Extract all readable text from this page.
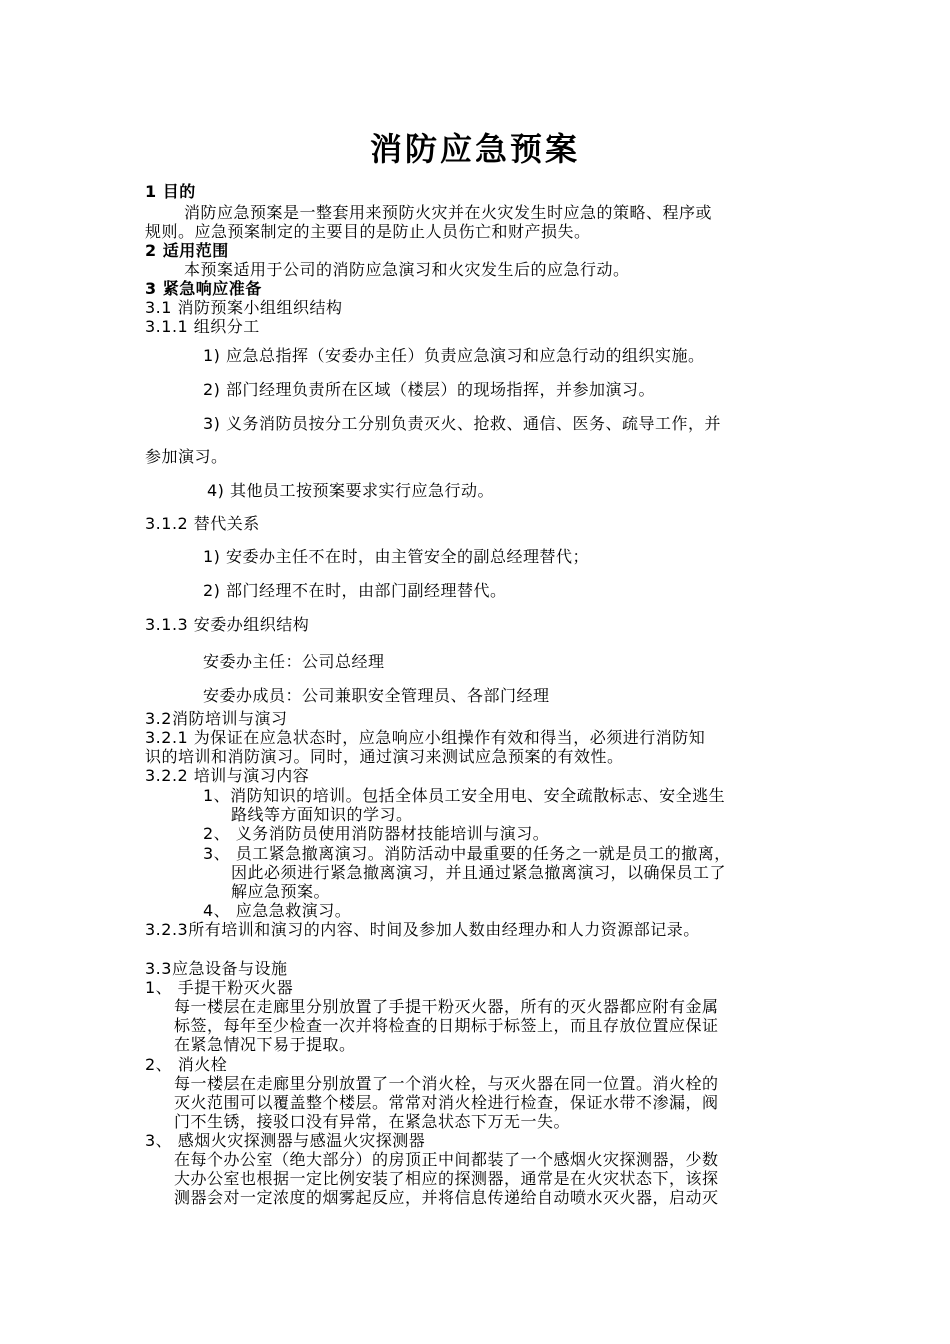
消防应急预案
1 目的
消防应急预案是一整套用来预防火灾并在火灾发生时应急的策略、程序或
规则。应急预案制定的主要目的是防止人员伤亡和财产损失。
2 适用范围
本预案适用于公司的消防应急演习和火灾发生后的应急行动。
3 紧急响应准备
3.1 消防预案小组组织结构
3.1.1 组织分工
1) 应急总指挥（安委办主任）负责应急演习和应急行动的组织实施。
2) 部门经理负责所在区域（楼层）的现场指挥，并参加演习。
3) 义务消防员按分工分别负责灭火、抢救、通信、医务、疏导工作，并
参加演习。
4) 其他员工按预案要求实行应急行动。
3.1.2 替代关系
1) 安委办主任不在时，由主管安全的副总经理替代；
2) 部门经理不在时，由部门副经理替代。
3.1.3 安委办组织结构
安委办主任：公司总经理
安委办成员：公司兼职安全管理员、各部门经理
3.2消防培训与演习
3.2.1 为保证在应急状态时，应急响应小组操作有效和得当，必须进行消防知
识的培训和消防演习。同时，通过演习来测试应急预案的有效性。
3.2.2 培训与演习内容
1、消防知识的培训。包括全体员工安全用电、安全疏散标志、安全逃生
路线等方面知识的学习。
2、 义务消防员使用消防器材技能培训与演习。
3、 员工紧急撤离演习。消防活动中最重要的任务之一就是员工的撤离，
因此必须进行紧急撤离演习，并且通过紧急撤离演习，以确保员工了
解应急预案。
4、 应急急救演习。
3.2.3所有培训和演习的内容、时间及参加人数由经理办和人力资源部记录。
3.3应急设备与设施
1、 手提干粉灭火器
每一楼层在走廊里分别放置了手提干粉灭火器，所有的灭火器都应附有金属
标签，每年至少检查一次并将检查的日期标于标签上，而且存放位置应保证
在紧急情况下易于提取。
2、 消火栓
每一楼层在走廊里分别放置了一个消火栓，与灭火器在同一位置。消火栓的
灭火范围可以覆盖整个楼层。常常对消火栓进行检查，保证水带不渗漏，阀
门不生锈，接驳口没有异常，在紧急状态下万无一失。
3、 感烟火灾探测器与感温火灾探测器
在每个办公室（绝大部分）的房顶正中间都装了一个感烟火灾探测器，少数
大办公室也根据一定比例安装了相应的探测器，通常是在火灾状态下，该探
测器会对一定浓度的烟雾起反应，并将信息传递给自动喷水灭火器，启动灭
